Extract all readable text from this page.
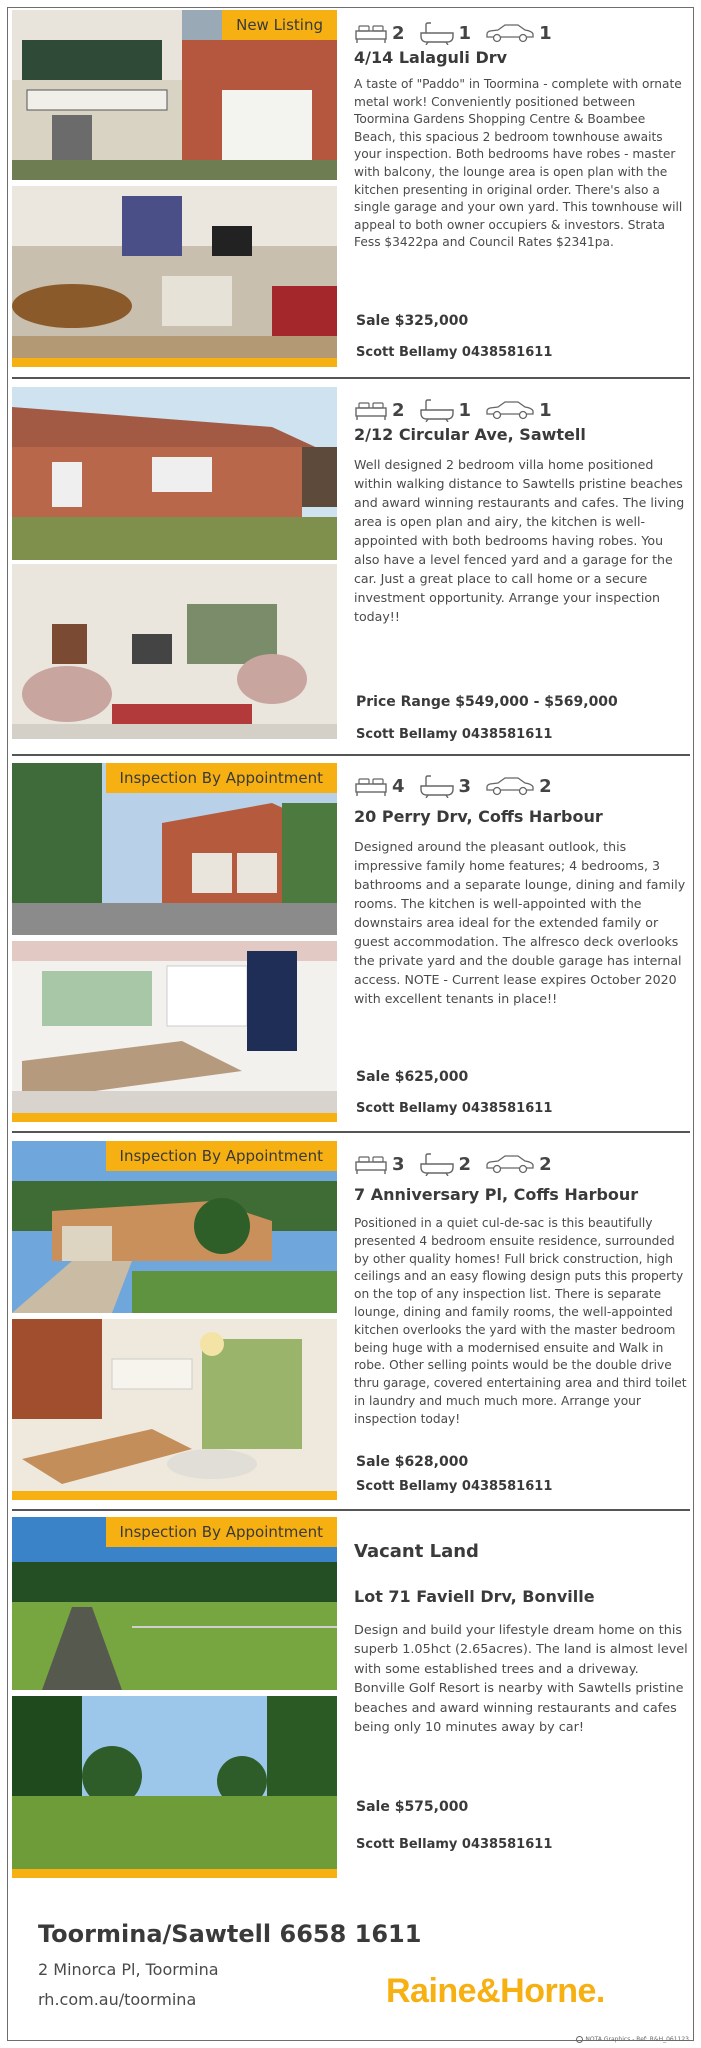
New Listing	2	1	1
4/14 Lalaguli Drv
A taste of "Paddo" in Toormina - complete with ornate metal work! Conveniently positioned between Toormina Gardens Shopping Centre & Boambee Beach, this spacious 2 bedroom townhouse awaits your inspection. Both bedrooms have robes - master with balcony, the lounge area is open plan with the kitchen presenting in original order. There's also a single garage and your own yard. This townhouse will appeal to both owner occupiers & investors. Strata Fess $3422pa and Council Rates $2341pa.
Sale $325,000
Scott Bellamy 0438581611
2	1	1
2/12 Circular Ave, Sawtell
Well designed 2 bedroom villa home positioned within walking distance to Sawtells pristine beaches and award winning restaurants and cafes. The living area is open plan and airy, the kitchen is well-appointed with both bedrooms having robes. You also have a level fenced yard and a garage for the car. Just a great place to call home or a secure investment opportunity. Arrange your inspection today!!
Price Range $549,000 - $569,000
Scott Bellamy 0438581611
Inspection By Appointment	4	3	2
20 Perry Drv, Coffs Harbour
Designed around the pleasant outlook, this impressive family home features; 4 bedrooms, 3 bathrooms and a separate lounge, dining and family rooms. The kitchen is well-appointed with the downstairs area ideal for the extended family or guest accommodation. The alfresco deck overlooks the private yard and the double garage has internal access. NOTE - Current lease expires October 2020 with excellent tenants in place!!
Sale $625,000
Scott Bellamy 0438581611
Inspection By Appointment	3	2	2
7 Anniversary Pl, Coffs Harbour
Positioned in a quiet cul-de-sac is this beautifully presented 4 bedroom ensuite residence, surrounded by other quality homes! Full brick construction, high ceilings and an easy flowing design puts this property on the top of any inspection list. There is separate lounge, dining and family rooms, the well-appointed kitchen overlooks the yard with the master bedroom being huge with a modernised ensuite and Walk in robe. Other selling points would be the double drive thru garage, covered entertaining area and third toilet in laundry and much much more. Arrange your inspection today!
Sale $628,000
Scott Bellamy 0438581611
Inspection By Appointment
Vacant Land
Lot 71 Faviell Drv, Bonville
Design and build your lifestyle dream home on this superb 1.05hct (2.65acres). The land is almost level with some established trees and a driveway. Bonville Golf Resort is nearby with Sawtells pristine beaches and award winning restaurants and cafes being only 10 minutes away by car!
Sale $575,000
Scott Bellamy 0438581611
Toormina/Sawtell 6658 1611
2 Minorca Pl, Toormina
rh.com.au/toormina	Raine&Horne.
NOTA Graphics - Ref: R&H_061123
